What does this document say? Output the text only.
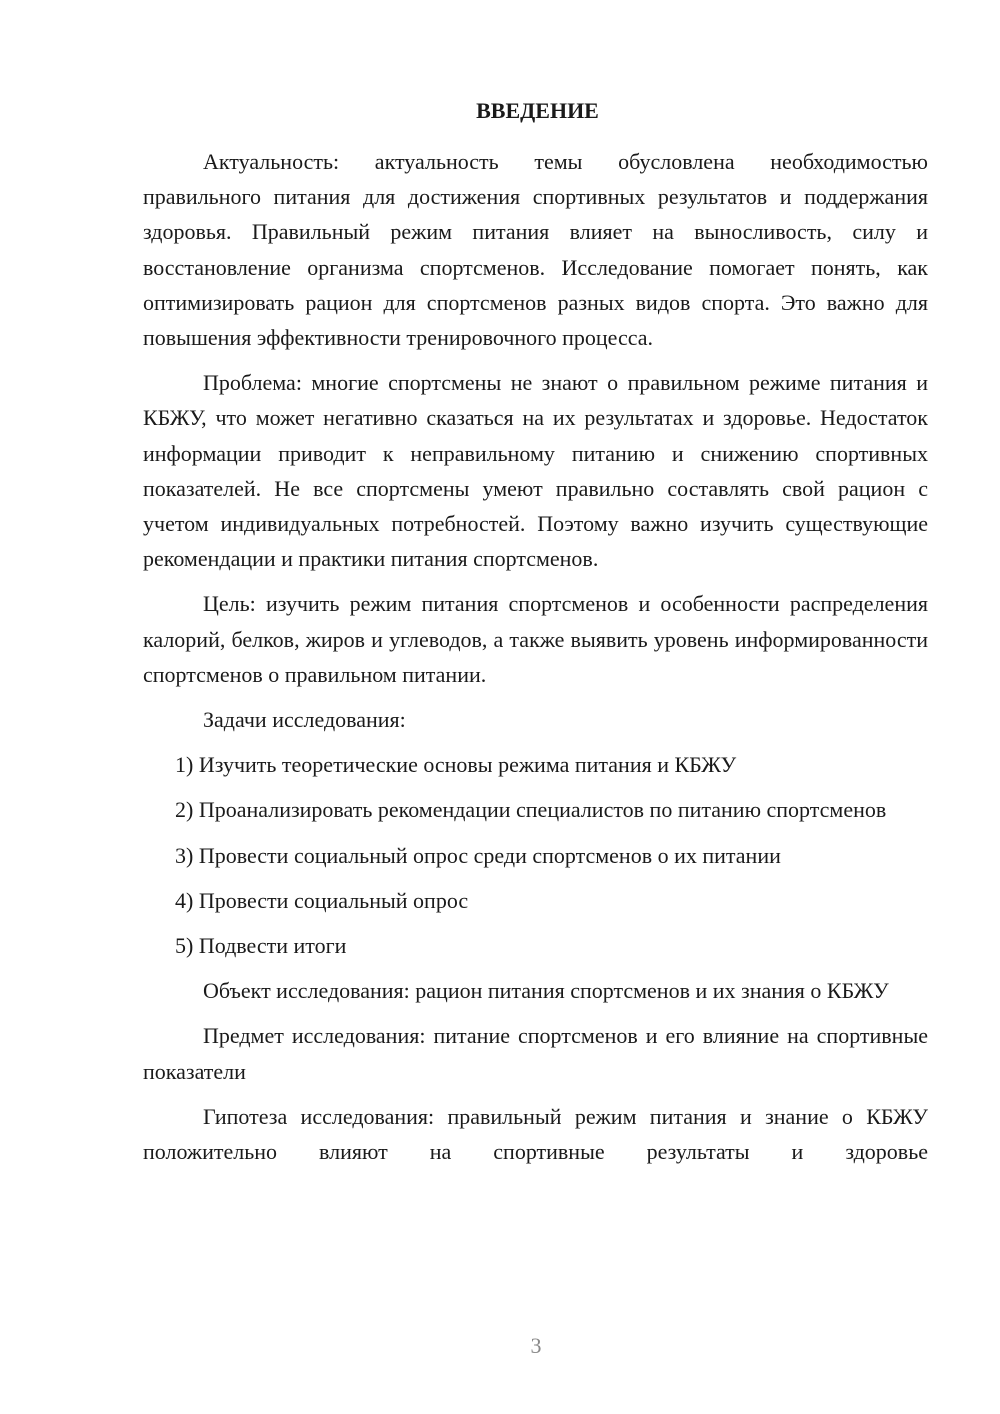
ВВЕДЕНИЕ

Актуальность: актуальность темы обусловлена необходимостью правильного питания для достижения спортивных результатов и поддержания здоровья. Правильный режим питания влияет на выносливость, силу и восстановление организма спортсменов. Исследование помогает понять, как оптимизировать рацион для спортсменов разных видов спорта. Это важно для повышения эффективности тренировочного процесса.

Проблема: многие спортсмены не знают о правильном режиме питания и КБЖУ, что может негативно сказаться на их результатах и здоровье. Недостаток информации приводит к неправильному питанию и снижению спортивных показателей. Не все спортсмены умеют правильно составлять свой рацион с учетом индивидуальных потребностей. Поэтому важно изучить существующие рекомендации и практики питания спортсменов.

Цель: изучить режим питания спортсменов и особенности распределения калорий, белков, жиров и углеводов, а также выявить уровень информированности спортсменов о правильном питании.

Задачи исследования:

1) Изучить теоретические основы режима питания и КБЖУ

2) Проанализировать рекомендации специалистов по питанию спортсменов

3) Провести социальный опрос среди спортсменов о их питании

4) Провести социальный опрос

5) Подвести итоги

Объект исследования: рацион питания спортсменов и их знания о КБЖУ

Предмет исследования: питание спортсменов и его влияние на спортивные показатели

Гипотеза исследования: правильный режим питания и знание о КБЖУ положительно влияют на спортивные результаты и здоровье

3
